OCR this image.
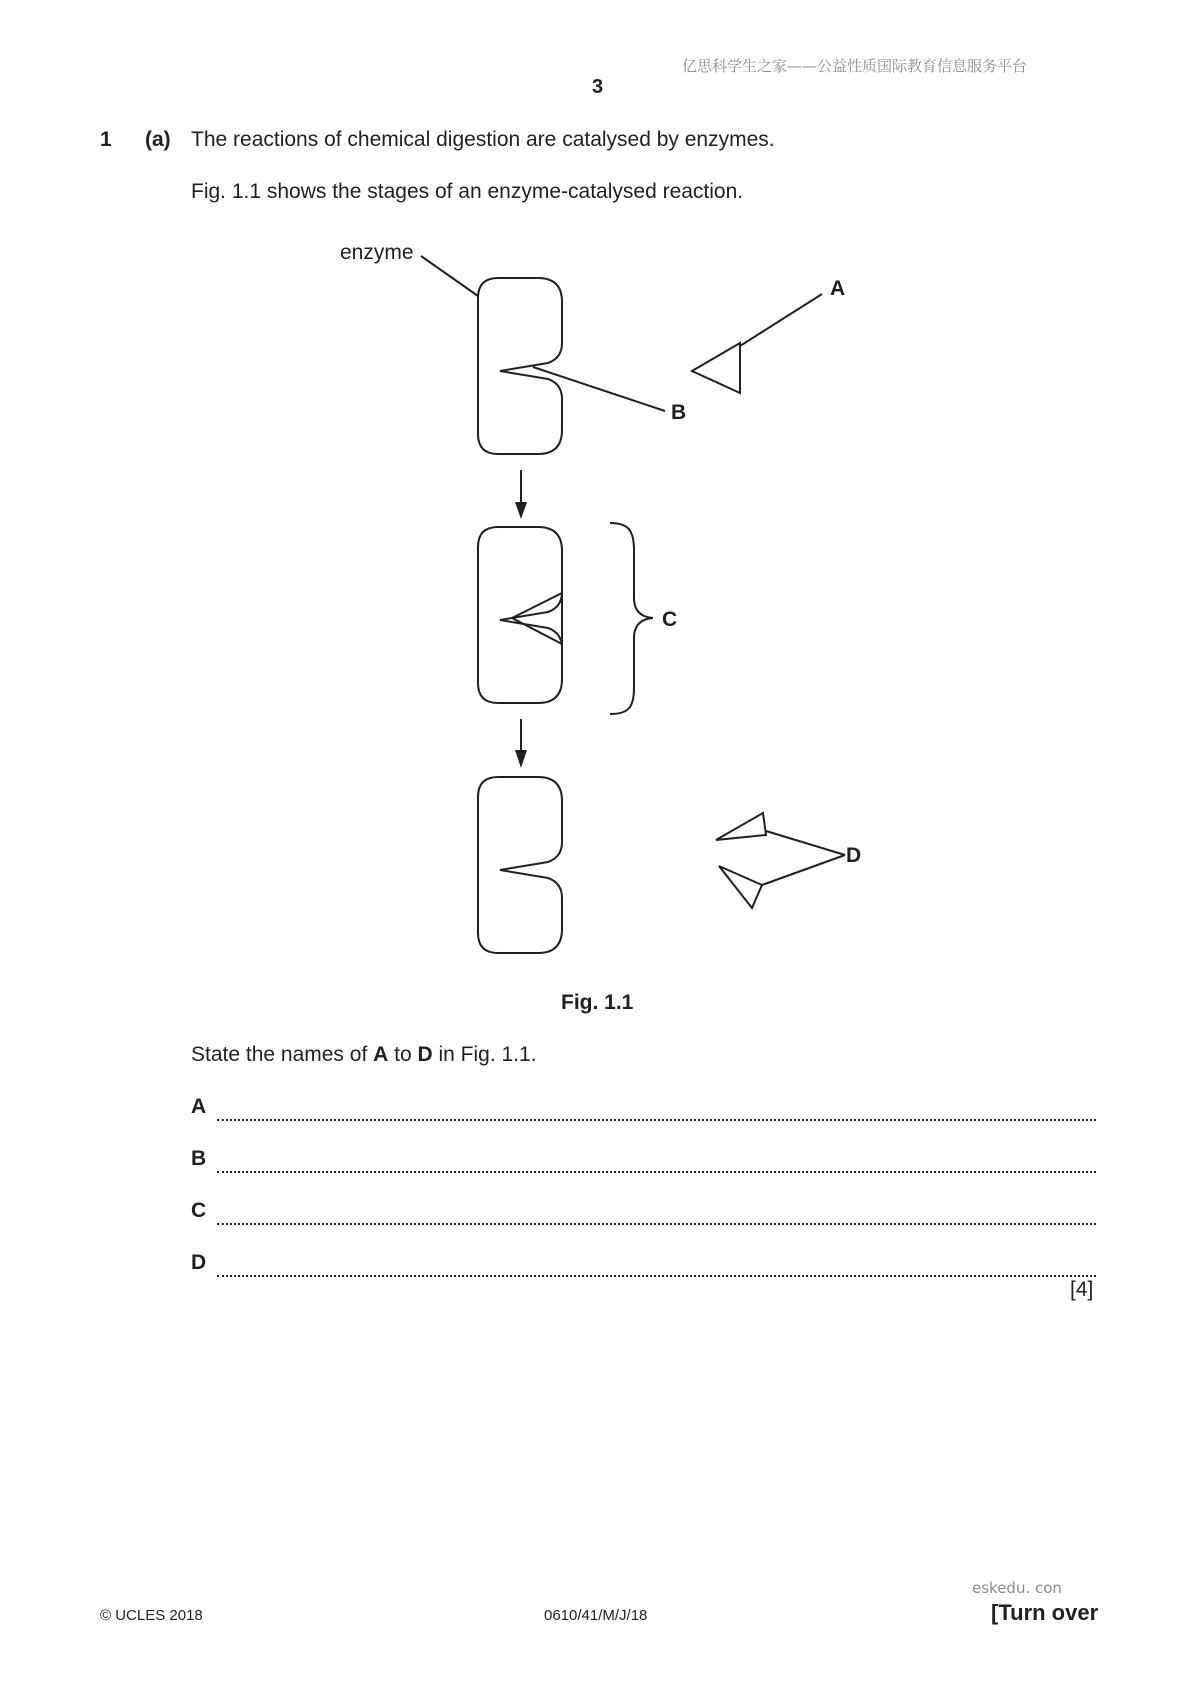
亿思科学生之家——公益性质国际教育信息服务平台
3
1 (a) The reactions of chemical digestion are catalysed by enzymes.
Fig. 1.1 shows the stages of an enzyme-catalysed reaction.
enzyme
A
B
C
D
Fig. 1.1
State the names of A to D in Fig. 1.1.
A
B
C
D
[4]
eskedu. con
© UCLES 2018	0610/41/M/J/18	[Turn over
